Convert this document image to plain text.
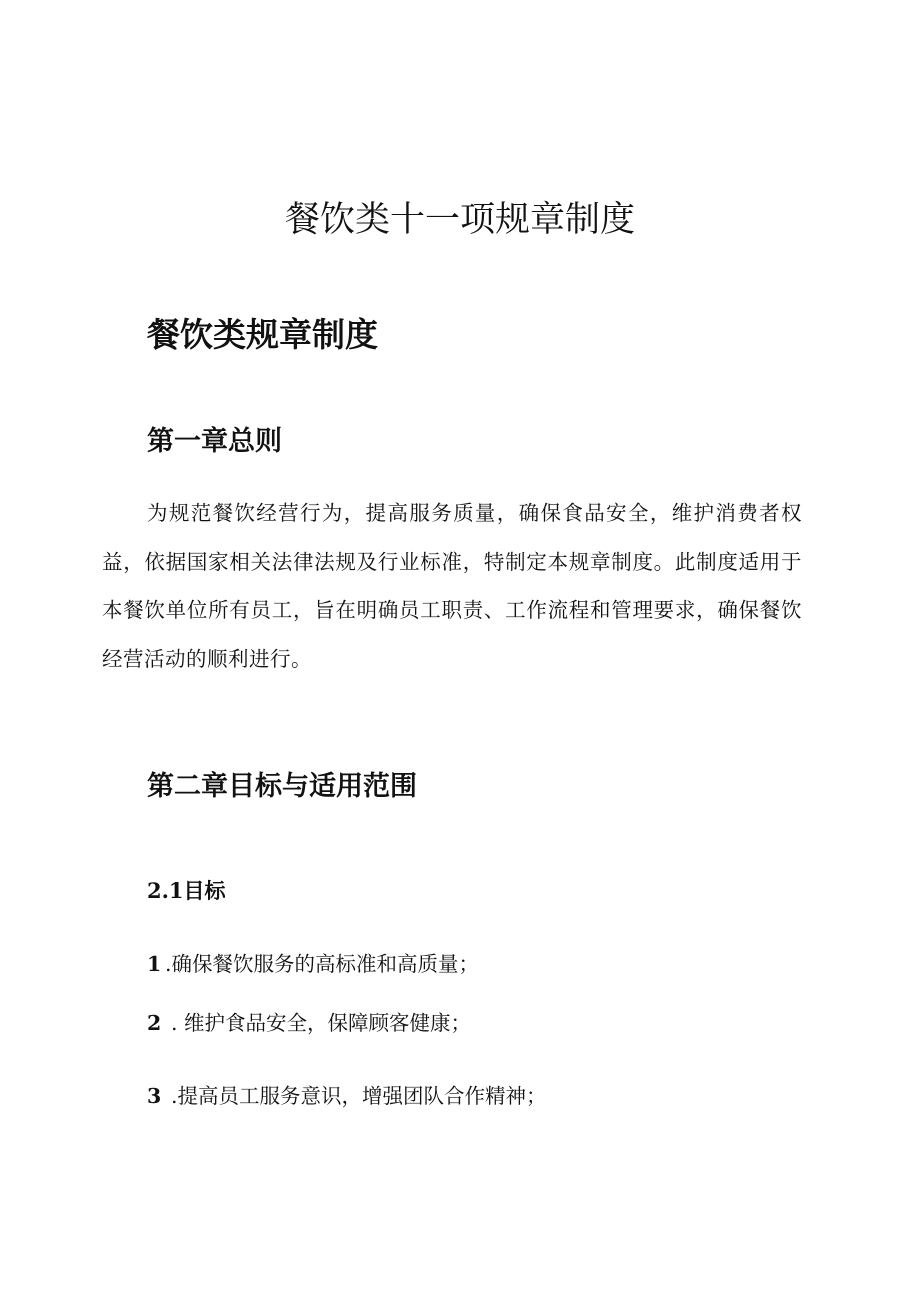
餐饮类十一项规章制度
餐饮类规章制度
第一章总则

为规范餐饮经营行为，提高服务质量，确保食品安全，维护消费者权益，依据国家相关法律法规及行业标准，特制定本规章制度。此制度适用于本餐饮单位所有员工，旨在明确员工职责、工作流程和管理要求，确保餐饮经营活动的顺利进行。

第二章目标与适用范围
2.1目标
1 .确保餐饮服务的高标准和高质量；
2 . 维护食品安全，保障顾客健康；
3 .提高员工服务意识，增强团队合作精神；
